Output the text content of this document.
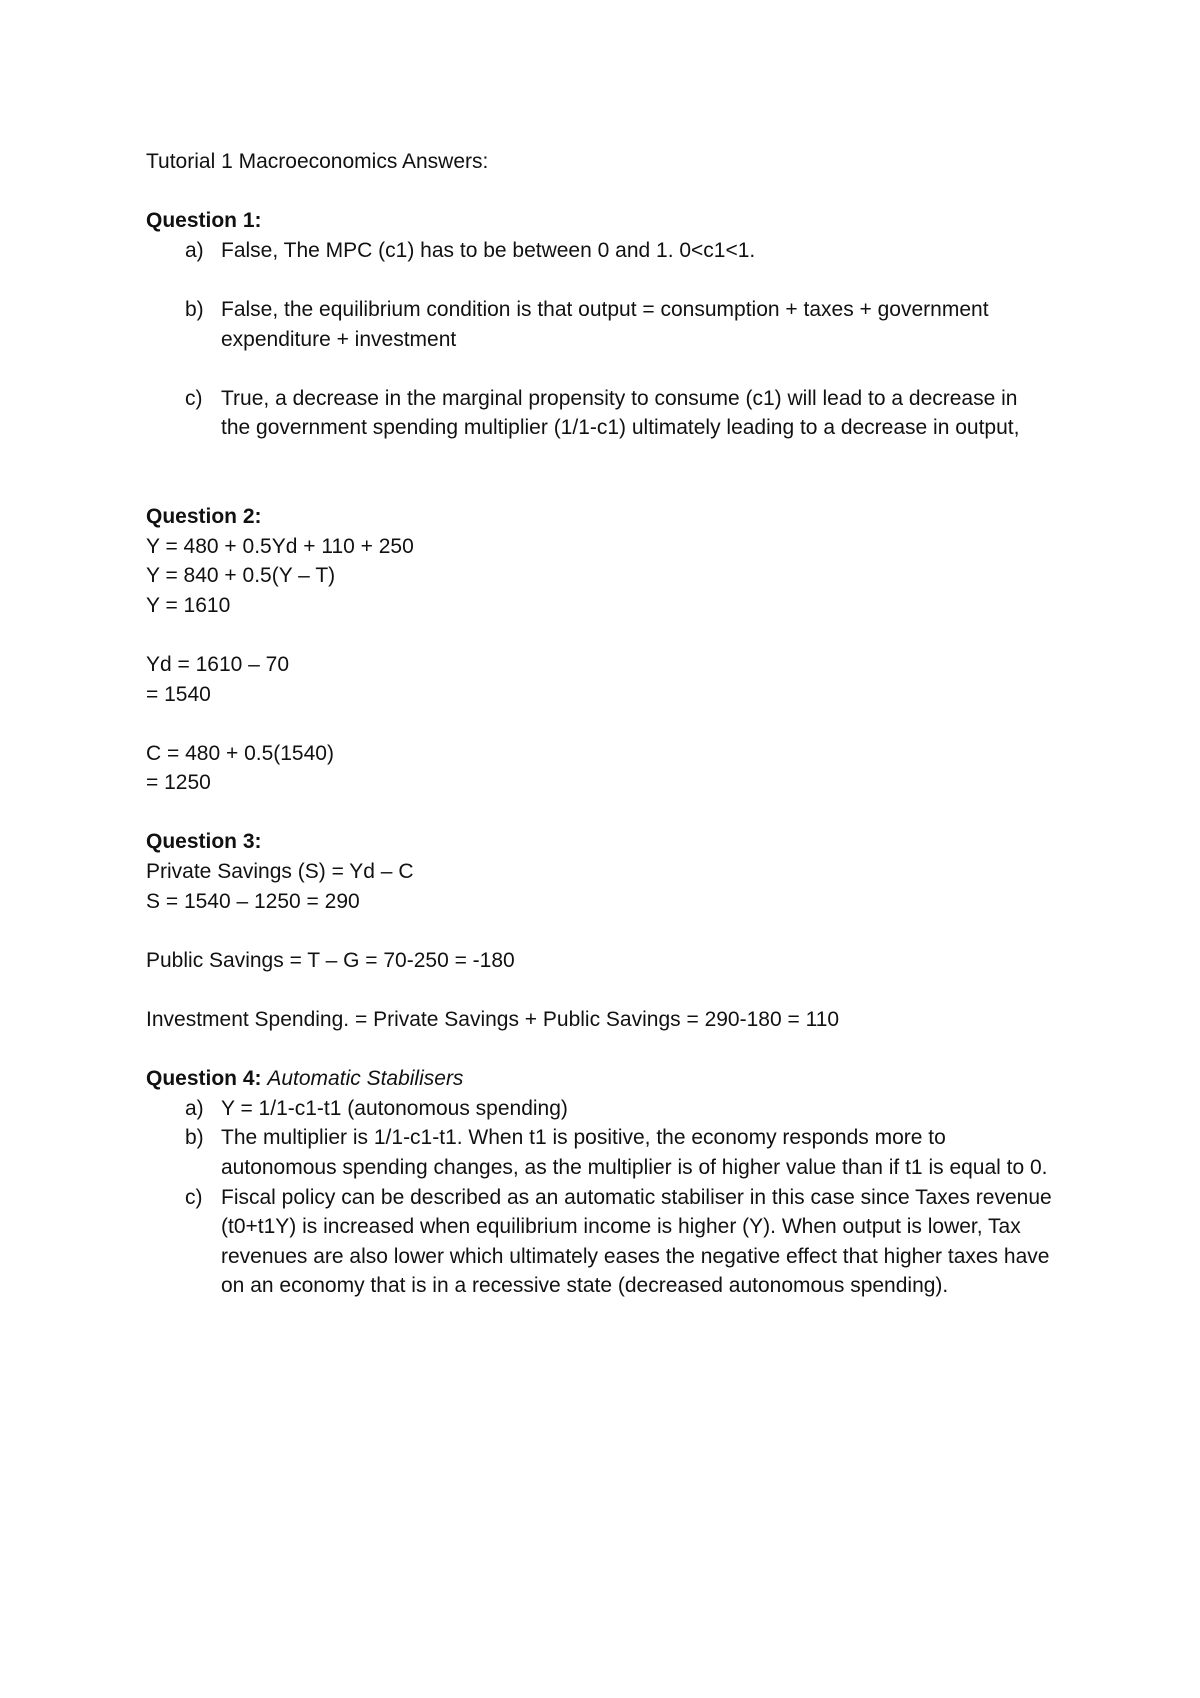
Tutorial 1 Macroeconomics Answers:
Question 1:
a) False, The MPC (c1) has to be between 0 and 1. 0<c1<1.
b) False, the equilibrium condition is that output = consumption + taxes + government expenditure + investment
c) True, a decrease in the marginal propensity to consume (c1) will lead to a decrease in the government spending multiplier (1/1-c1) ultimately leading to a decrease in output,
Question 2:
Y = 480 + 0.5Yd + 110 + 250
Y = 840 + 0.5(Y – T)
Y = 1610
Yd = 1610 – 70
= 1540
C = 480 + 0.5(1540)
= 1250
Question 3:
Private Savings (S) = Yd – C
S = 1540 – 1250 = 290
Public Savings = T – G = 70-250 = -180
Investment Spending. = Private Savings + Public Savings = 290-180 = 110
Question 4: Automatic Stabilisers
a) Y = 1/1-c1-t1 (autonomous spending)
b) The multiplier is 1/1-c1-t1. When t1 is positive, the economy responds more to autonomous spending changes, as the multiplier is of higher value than if t1 is equal to 0.
c) Fiscal policy can be described as an automatic stabiliser in this case since Taxes revenue (t0+t1Y) is increased when equilibrium income is higher (Y). When output is lower, Tax revenues are also lower which ultimately eases the negative effect that higher taxes have on an economy that is in a recessive state (decreased autonomous spending).
